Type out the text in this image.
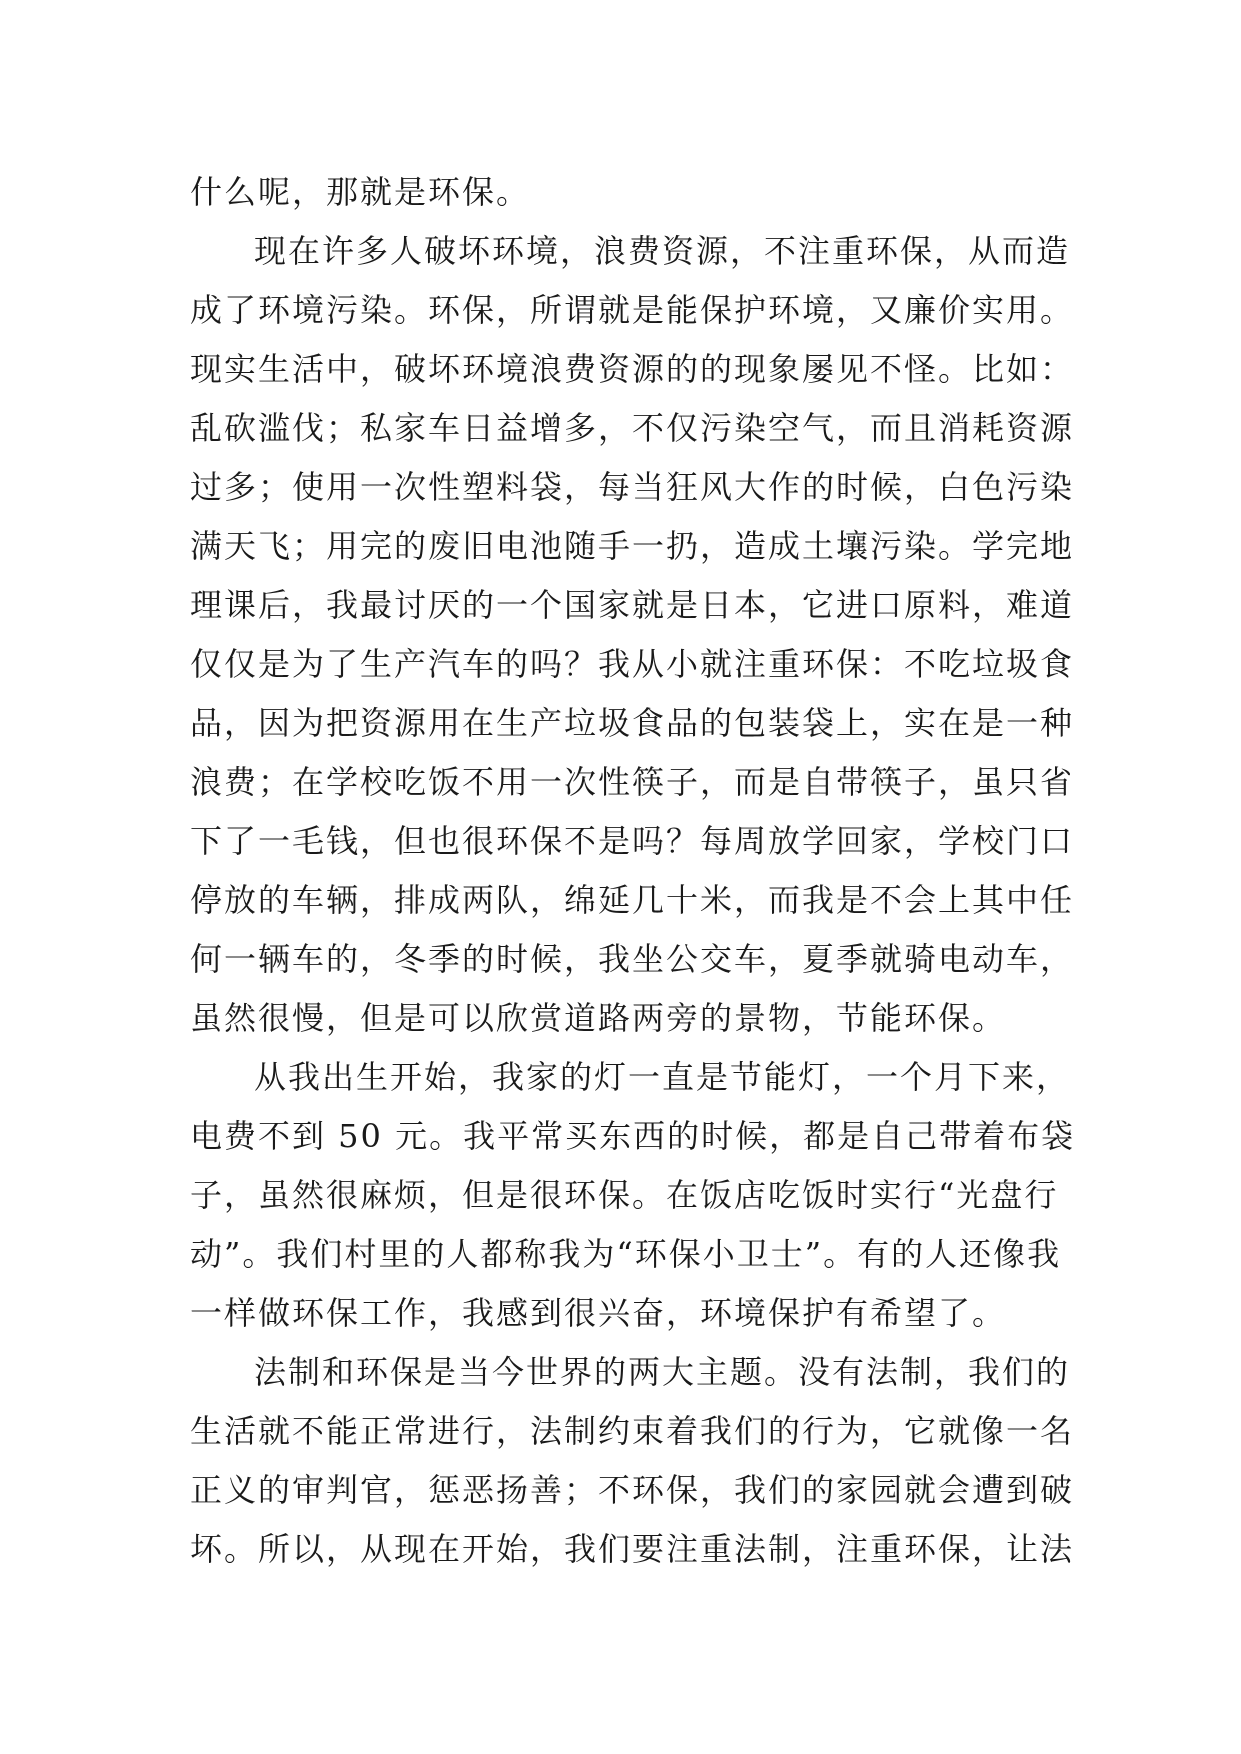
什么呢，那就是环保。
现在许多人破坏环境，浪费资源，不注重环保，从而造
成了环境污染。环保，所谓就是能保护环境，又廉价实用。
现实生活中，破坏环境浪费资源的的现象屡见不怪。比如：
乱砍滥伐；私家车日益增多，不仅污染空气，而且消耗资源
过多；使用一次性塑料袋，每当狂风大作的时候，白色污染
满天飞；用完的废旧电池随手一扔，造成土壤污染。学完地
理课后，我最讨厌的一个国家就是日本，它进口原料，难道
仅仅是为了生产汽车的吗？我从小就注重环保：不吃垃圾食
品，因为把资源用在生产垃圾食品的包装袋上，实在是一种
浪费；在学校吃饭不用一次性筷子，而是自带筷子，虽只省
下了一毛钱，但也很环保不是吗？每周放学回家，学校门口
停放的车辆，排成两队，绵延几十米，而我是不会上其中任
何一辆车的，冬季的时候，我坐公交车，夏季就骑电动车，
虽然很慢，但是可以欣赏道路两旁的景物，节能环保。
从我出生开始，我家的灯一直是节能灯，一个月下来，
电费不到 50 元。我平常买东西的时候，都是自己带着布袋
子，虽然很麻烦，但是很环保。在饭店吃饭时实行“光盘行
动”。我们村里的人都称我为“环保小卫士”。有的人还像我
一样做环保工作，我感到很兴奋，环境保护有希望了。
法制和环保是当今世界的两大主题。没有法制，我们的
生活就不能正常进行，法制约束着我们的行为，它就像一名
正义的审判官，惩恶扬善；不环保，我们的家园就会遭到破
坏。所以，从现在开始，我们要注重法制，注重环保，让法
